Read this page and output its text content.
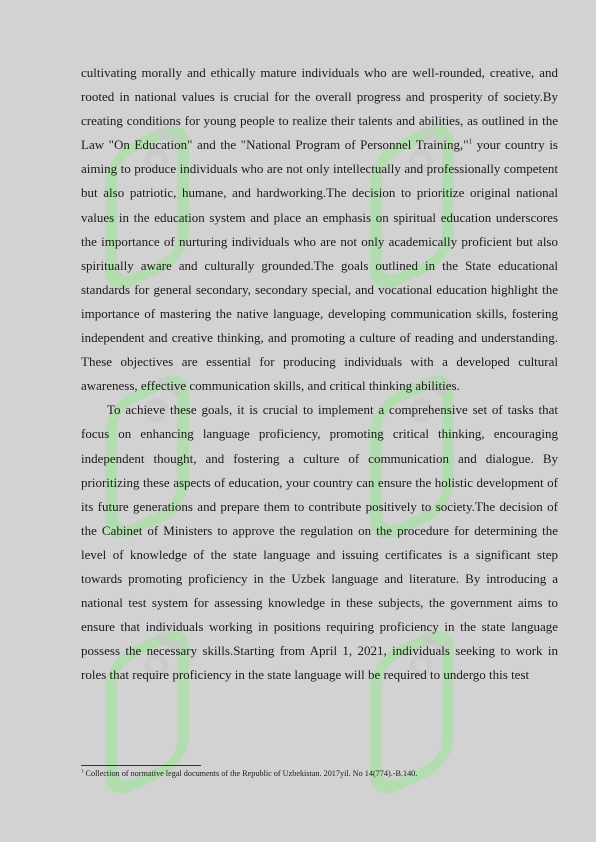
ot	ot
ot	ot
ot	ot

cultivating morally and ethically mature individuals who are well-rounded, creative, and rooted in national values is crucial for the overall progress and prosperity of society.By creating conditions for young people to realize their talents and abilities, as outlined in the Law "On Education" and the "National Program of Personnel Training,"$^1$ your country is aiming to produce individuals who are not only intellectually and professionally competent but also patriotic, humane, and hardworking.The decision to prioritize original national values in the education system and place an emphasis on spiritual education underscores the importance of nurturing individuals who are not only academically proficient but also spiritually aware and culturally grounded.The goals outlined in the State educational standards for general secondary, secondary special, and vocational education highlight the importance of mastering the native language, developing communication skills, fostering independent and creative thinking, and promoting a culture of reading and understanding. These objectives are essential for producing individuals with a developed cultural awareness, effective communication skills, and critical thinking abilities.

To achieve these goals, it is crucial to implement a comprehensive set of tasks that focus on enhancing language proficiency, promoting critical thinking, encouraging independent thought, and fostering a culture of communication and dialogue. By prioritizing these aspects of education, your country can ensure the holistic development of its future generations and prepare them to contribute positively to society.The decision of the Cabinet of Ministers to approve the regulation on the procedure for determining the level of knowledge of the state language and issuing certificates is a significant step towards promoting proficiency in the Uzbek language and literature. By introducing a national test system for assessing knowledge in these subjects, the government aims to ensure that individuals working in positions requiring proficiency in the state language possess the necessary skills.Starting from April 1, 2021, individuals seeking to work in roles that require proficiency in the state language will be required to undergo this test

$^1$ Collection of normative legal documents of the Republic of Uzbekistan. 2017yil. No 14(774).-B.140.
